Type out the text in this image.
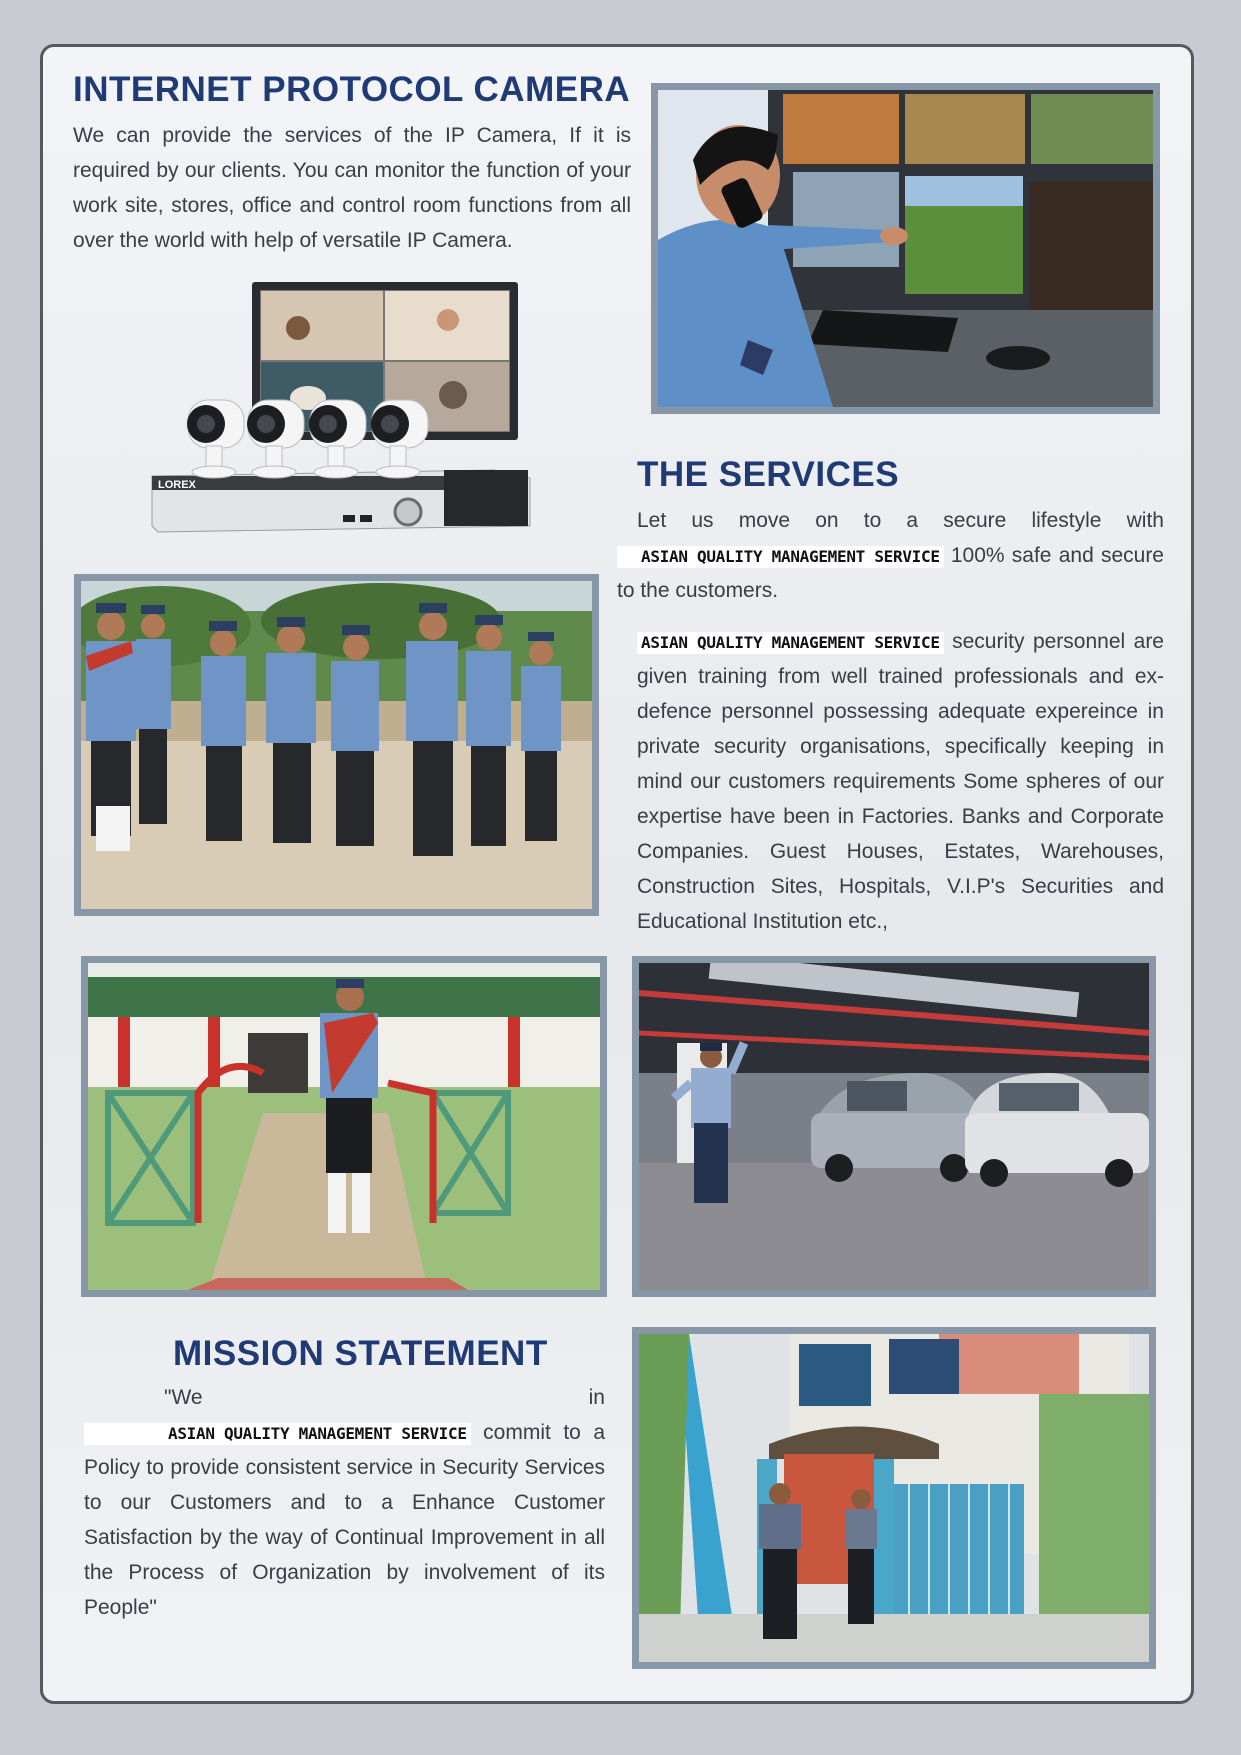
INTERNET PROTOCOL CAMERA

We can provide the services of the IP Camera, If it is required by our clients. You can monitor the function of your work site, stores, office and control room functions from all over the world with help of versatile IP Camera.

LOREX	THE SERVICES

Let us move on to a secure lifestyle with ASIAN QUALITY MANAGEMENT SERVICE 100% safe and secure to the customers.

ASIAN QUALITY MANAGEMENT SERVICE security personnel are given training from well trained professionals and ex-defence personnel possessing adequate expereince in private security organisations, specifically keeping in mind our customers requirements Some spheres of our expertise have been in Factories. Banks and Corporate Companies. Guest Houses, Estates, Warehouses, Construction Sites, Hospitals, V.I.P's Securities and Educational Institution etc.,

MISSION STATEMENT

"We in ASIAN QUALITY MANAGEMENT SERVICE commit to a Policy to provide consistent service in Security Services to our Customers and to a Enhance Customer Satisfaction by the way of Continual Improvement in all the Process of Organization by involvement of its People"
